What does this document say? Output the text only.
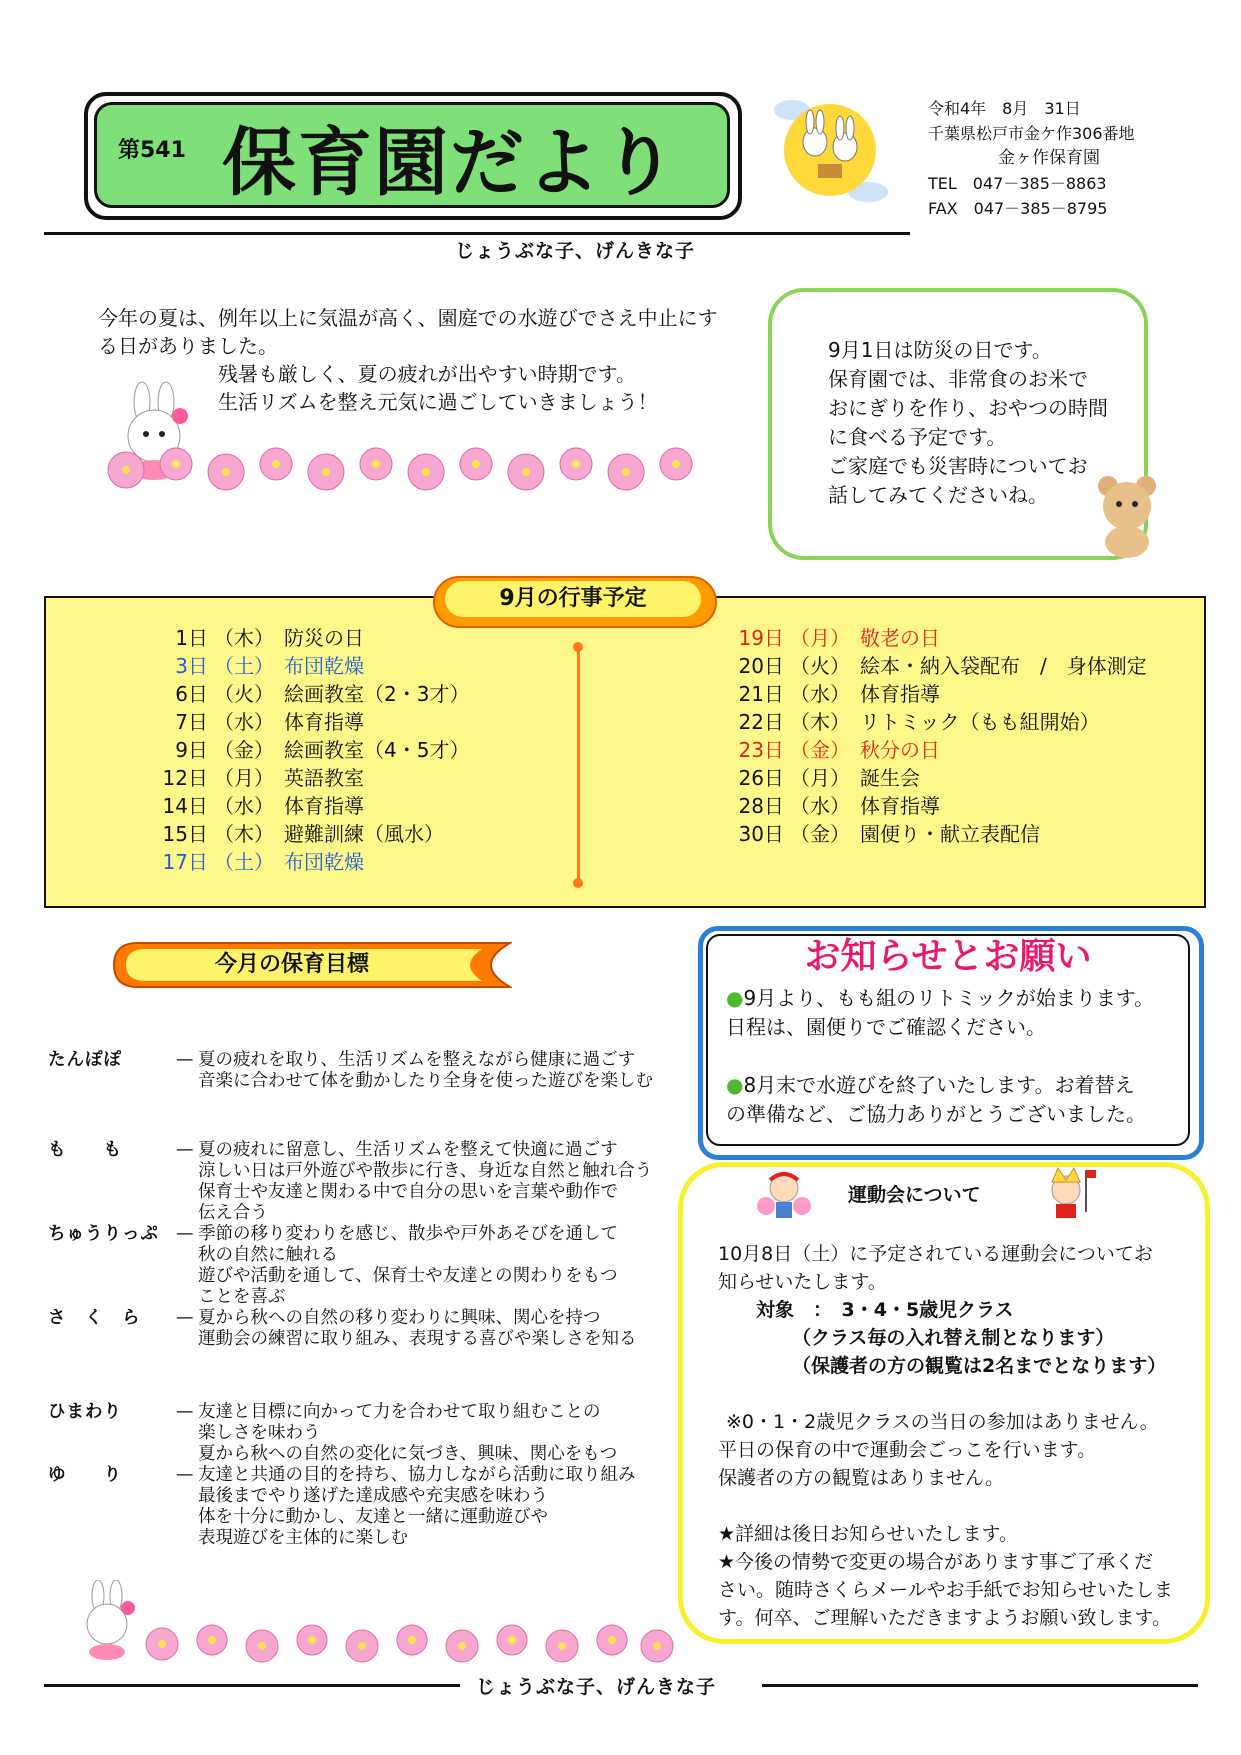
第541 保育園だより
令和4年　8月　31日
千葉県松戸市金ケ作306番地
金ヶ作保育園
TEL　047－385－8863
FAX　047－385－8795
じょうぶな子、げんきな子

今年の夏は、例年以上に気温が高く、園庭での水遊びでさえ中止にする日がありました。

残暑も厳しく、夏の疲れが出やすい時期です。

生活リズムを整え元気に過ごしていきましょう！

9月1日は防災の日です。
保育園では、非常食のお米で
おにぎりを作り、おやつの時間
に食べる予定です。
ご家庭でも災害時についてお
話してみてくださいね。
9月の行事予定
1日 （木） 防災の日
3日 （土） 布団乾燥
6日 （火） 絵画教室（2・3才）
7日 （水） 体育指導
9日 （金） 絵画教室（4・5才）
12日 （月） 英語教室
14日 （水） 体育指導
15日 （木） 避難訓練（風水）
17日 （土） 布団乾燥
19日 （月） 敬老の日
20日 （火） 絵本・納入袋配布　/　身体測定
21日 （水） 体育指導
22日 （木） リトミック（もも組開始）
23日 （金） 秋分の日
26日 （月） 誕生会
28日 （水） 体育指導
30日 （金） 園便り・献立表配信
今月の保育目標
たんぽぽ	— 夏の疲れを取り、生活リズムを整えながら健康に過ごす
音楽に合わせて体を動かしたり全身を使った遊びを楽しむ
も　　も	— 夏の疲れに留意し、生活リズムを整えて快適に過ごす
涼しい日は戸外遊びや散歩に行き、身近な自然と触れ合う
保育士や友達と関わる中で自分の思いを言葉や動作で
伝え合う
ちゅうりっぷ — 季節の移り変わりを感じ、散歩や戸外あそびを通して
秋の自然に触れる
遊びや活動を通して、保育士や友達との関わりをもつ
ことを喜ぶ
さ　く　ら	— 夏から秋への自然の移り変わりに興味、関心を持つ
運動会の練習に取り組み、表現する喜びや楽しさを知る
ひまわり	— 友達と目標に向かって力を合わせて取り組むことの
楽しさを味わう
夏から秋への自然の変化に気づき、興味、関心をもつ
ゆ　　り	— 友達と共通の目的を持ち、協力しながら活動に取り組み
最後までやり遂げた達成感や充実感を味わう
体を十分に動かし、友達と一緒に運動遊びや
表現遊びを主体的に楽しむ
お知らせとお願い
●9月より、もも組のリトミックが始まります。
日程は、園便りでご確認ください。
●8月末で水遊びを終了いたします。お着替え
の準備など、ご協力ありがとうございました。
運動会について
10月8日（土）に予定されている運動会についてお
知らせいたします。
対象　：　3・4・5歳児クラス
（クラス毎の入れ替え制となります）
（保護者の方の観覧は2名までとなります）
※0・1・2歳児クラスの当日の参加はありません。
平日の保育の中で運動会ごっこを行います。
保護者の方の観覧はありません。
★詳細は後日お知らせいたします。
★今後の情勢で変更の場合があります事ご了承くだ
さい。随時さくらメールやお手紙でお知らせいたしま
す。何卒、ご理解いただきますようお願い致します。
じょうぶな子、げんきな子
